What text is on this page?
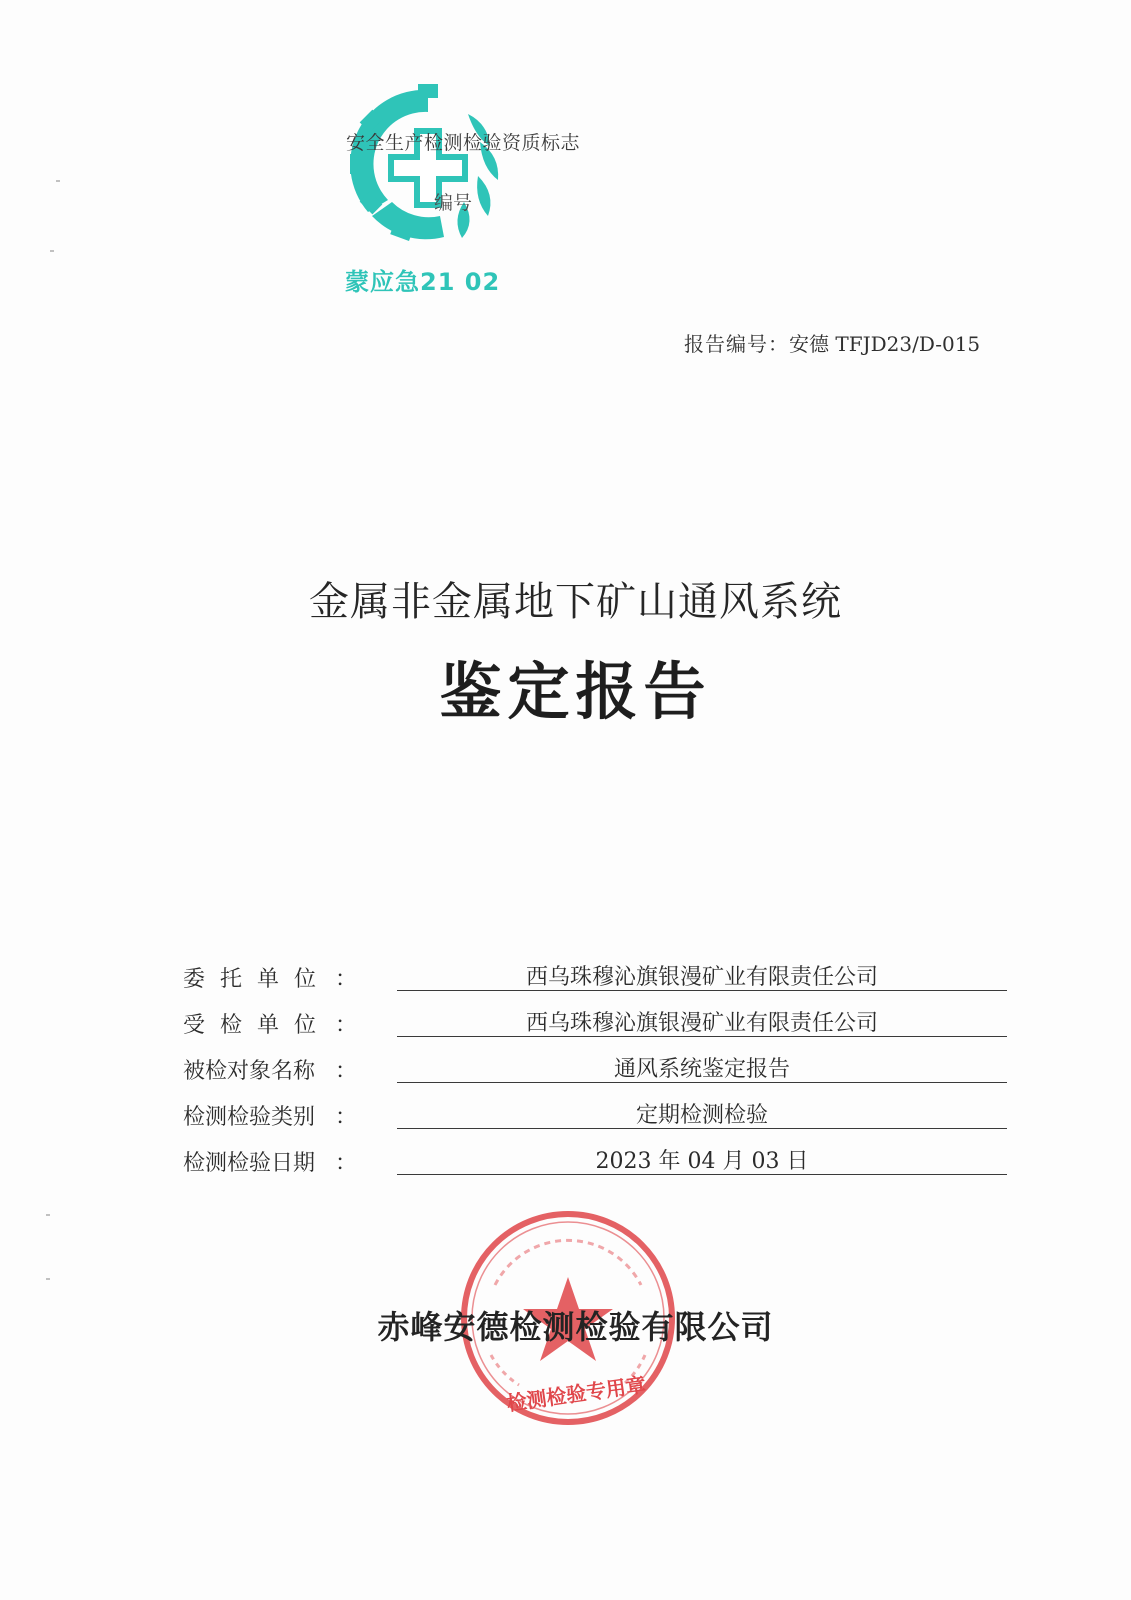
安全生产检测检验资质标志
编号
蒙应急21 02
报告编号：安德 TFJD23/D-015
金属非金属地下矿山通风系统
鉴定报告
委托单位 ：	西乌珠穆沁旗银漫矿业有限责任公司
受检单位 ：	西乌珠穆沁旗银漫矿业有限责任公司
被检对象名称 ：	通风系统鉴定报告
检测检验类别 ：	定期检测检验
检测检验日期 ：	2023 年 04 月 03 日
检测检验专用章
赤峰安德检测检验有限公司
